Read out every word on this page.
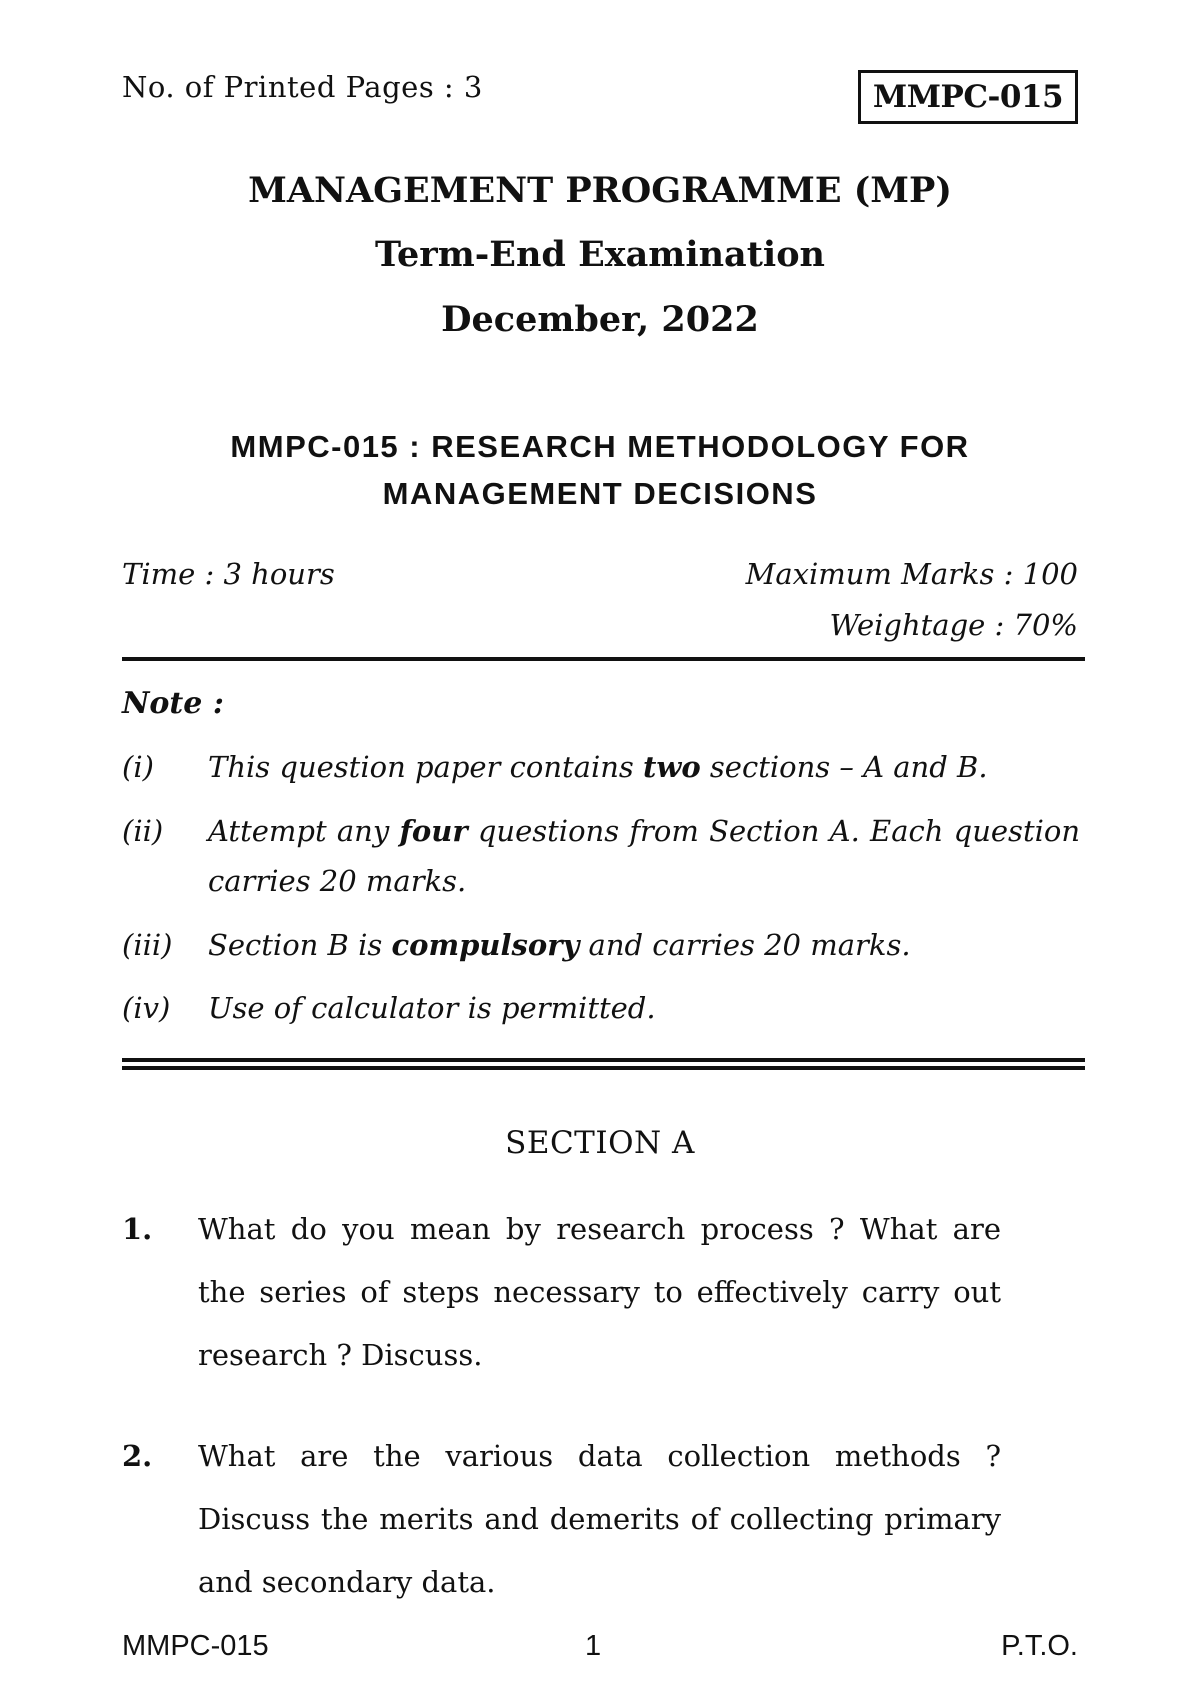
No. of Printed Pages : 3	MMPC-015
MANAGEMENT PROGRAMME (MP)
Term-End Examination
December, 2022
MMPC-015 : RESEARCH METHODOLOGY FOR
MANAGEMENT DECISIONS
Time : 3 hours	Maximum Marks : 100
Weightage : 70%
Note :
(i) This question paper contains two sections – A and B.
(ii) Attempt any four questions from Section A. Each question carries 20 marks.
(iii) Section B is compulsory and carries 20 marks.
(iv) Use of calculator is permitted.
SECTION A
1. What do you mean by research process ? What are the series of steps necessary to effectively carry out research ? Discuss.
2. What are the various data collection methods ? Discuss the merits and demerits of collecting primary and secondary data.
MMPC-015	1	P.T.O.
